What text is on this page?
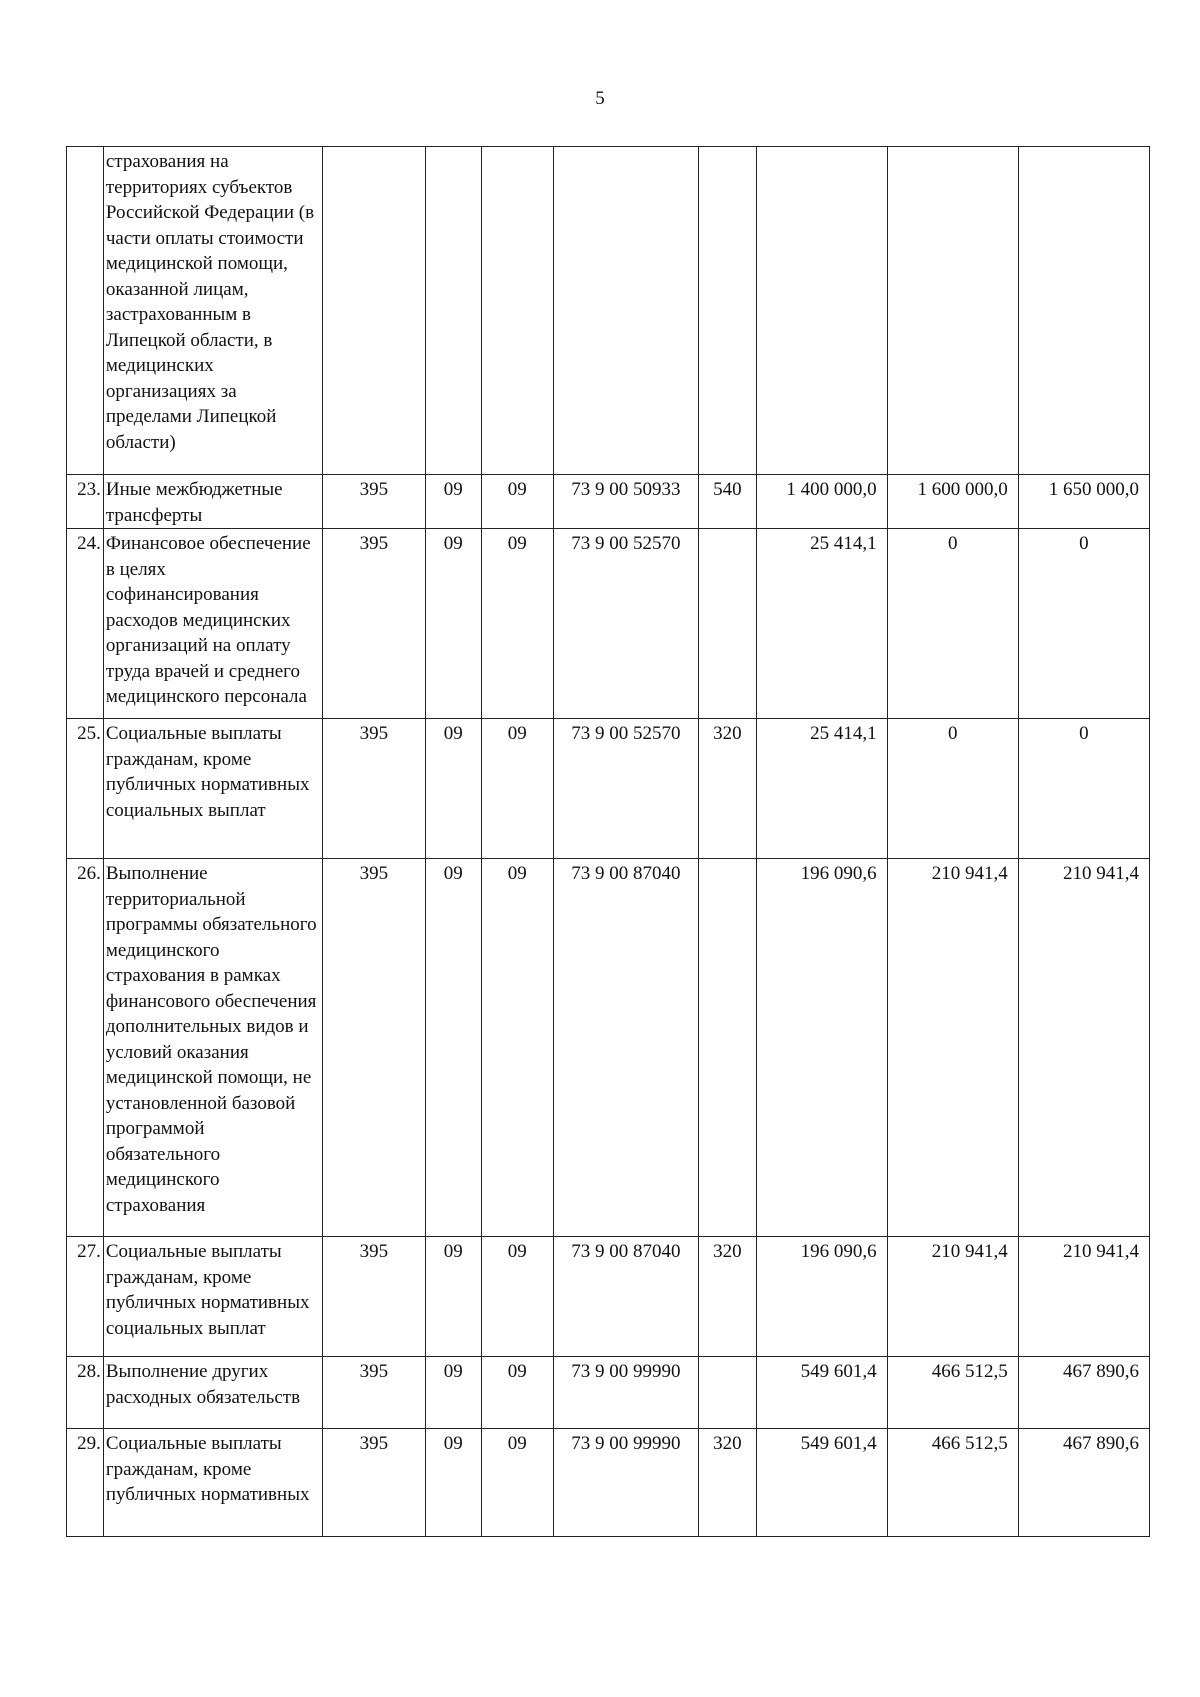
5
	страхования на территориях субъектов Российской Федерации (в части оплаты стоимости медицинской помощи, оказанной лицам, застрахованным в Липецкой области, в медицинских организациях за пределами Липецкой области)								
23.	Иные межбюджетные трансферты	395	09	09	73 9 00 50933	540	1 400 000,0	1 600 000,0	1 650 000,0
24.	Финансовое обеспечение в целях софинансирования расходов медицинских организаций на оплату труда врачей и среднего медицинского персонала	395	09	09	73 9 00 52570		25 414,1	0	0
25.	Социальные выплаты гражданам, кроме публичных нормативных социальных выплат	395	09	09	73 9 00 52570	320	25 414,1	0	0
26.	Выполнение территориальной программы обязательного медицинского страхования в рамках финансового обеспечения дополнительных видов и условий оказания медицинской помощи, не установленной базовой программой обязательного медицинского страхования	395	09	09	73 9 00 87040		196 090,6	210 941,4	210 941,4
27.	Социальные выплаты гражданам, кроме публичных нормативных социальных выплат	395	09	09	73 9 00 87040	320	196 090,6	210 941,4	210 941,4
28.	Выполнение других расходных обязательств	395	09	09	73 9 00 99990		549 601,4	466 512,5	467 890,6
29.	Социальные выплаты гражданам, кроме публичных нормативных	395	09	09	73 9 00 99990	320	549 601,4	466 512,5	467 890,6
